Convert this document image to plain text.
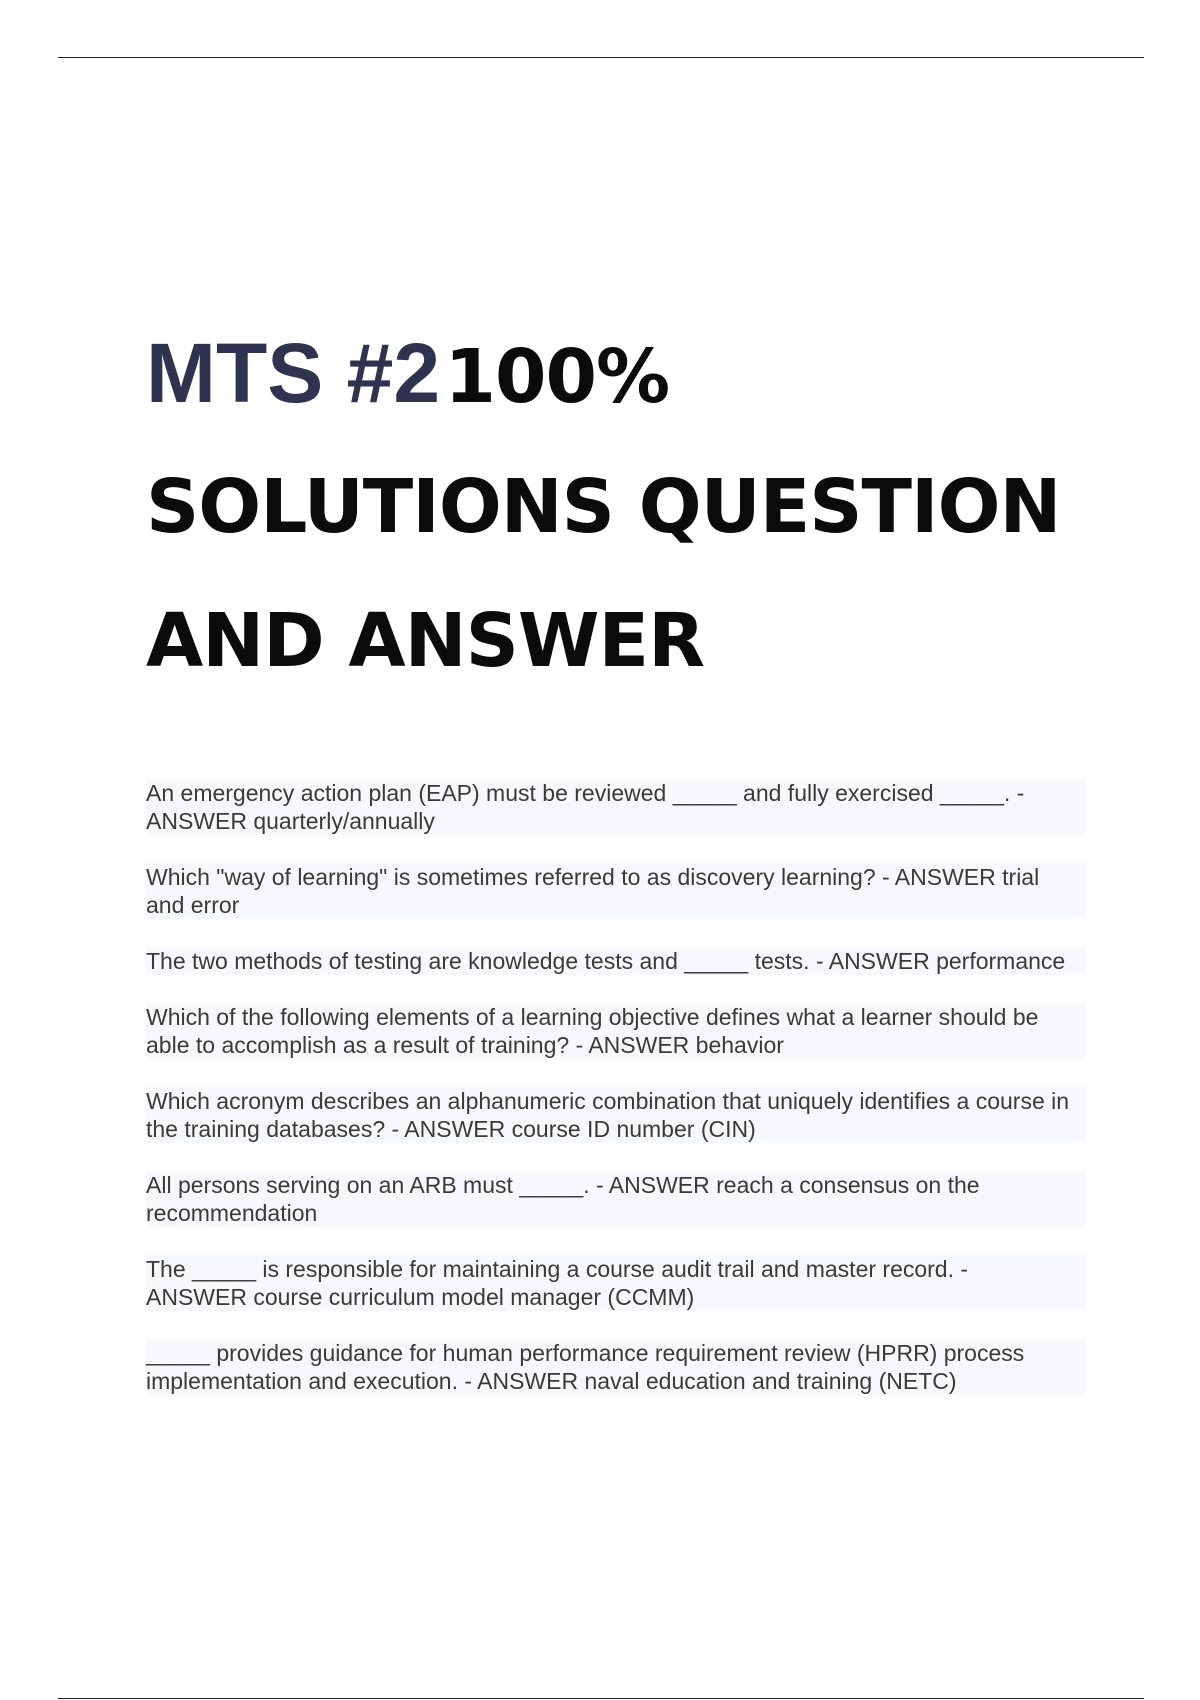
MTS #2 100%
SOLUTIONS QUESTION
AND ANSWER
An emergency action plan (EAP) must be reviewed _____ and fully exercised _____. - ANSWER quarterly/annually
Which "way of learning" is sometimes referred to as discovery learning? - ANSWER trial and error
The two methods of testing are knowledge tests and _____ tests. - ANSWER performance
Which of the following elements of a learning objective defines what a learner should be able to accomplish as a result of training? - ANSWER behavior
Which acronym describes an alphanumeric combination that uniquely identifies a course in the training databases? - ANSWER course ID number (CIN)
All persons serving on an ARB must _____. - ANSWER reach a consensus on the recommendation
The _____ is responsible for maintaining a course audit trail and master record. - ANSWER course curriculum model manager (CCMM)
_____ provides guidance for human performance requirement review (HPRR) process implementation and execution. - ANSWER naval education and training (NETC)
